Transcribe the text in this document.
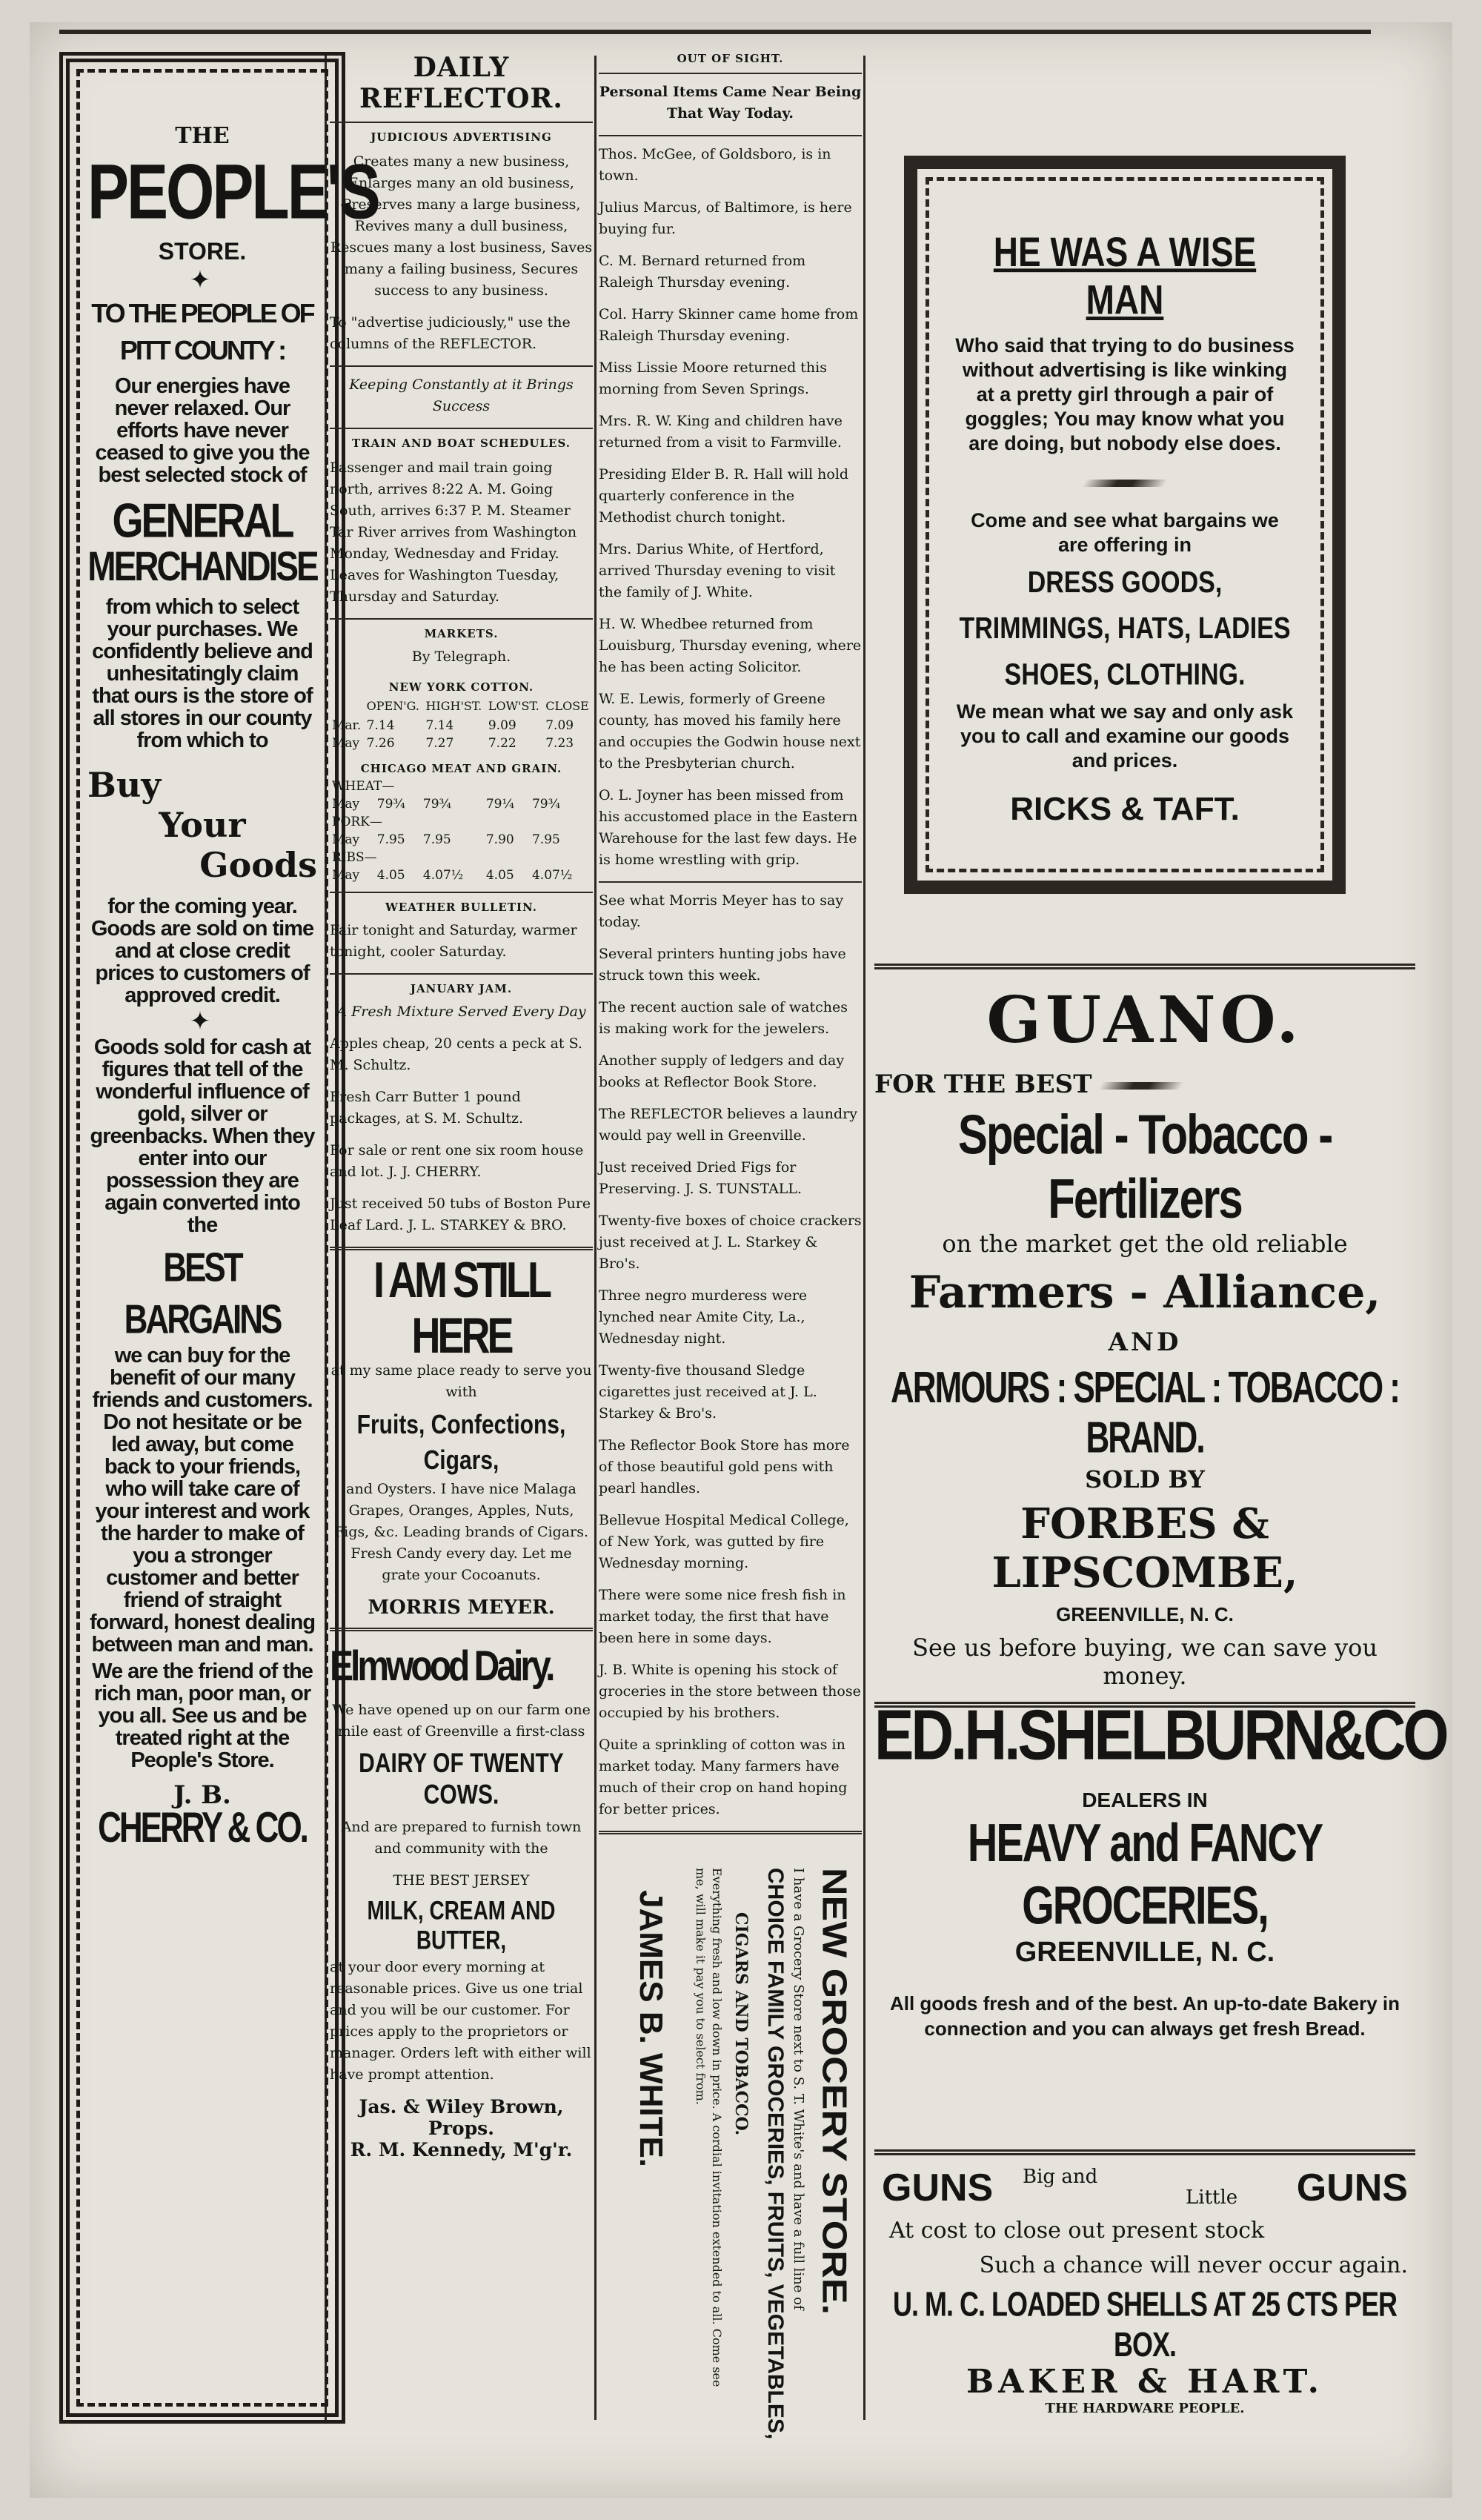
THE
PEOPLE'S
STORE.
✦
TO THE PEOPLE OF
PITT COUNTY :
Our energies have never relaxed. Our efforts have never ceased to give you the best selected stock of
GENERAL
MERCHANDISE
from which to select your purchases. We confidently believe and unhesitatingly claim that ours is the store of all stores in our county from which to
Buy
Your
Goods
for the coming year. Goods are sold on time and at close credit prices to customers of approved credit.
✦
Goods sold for cash at figures that tell of the wonderful influence of gold, silver or greenbacks. When they enter into our possession they are again converted into the
BEST BARGAINS
we can buy for the benefit of our many friends and customers. Do not hesitate or be led away, but come back to your friends, who will take care of your interest and work the harder to make of you a stronger customer and better friend of straight forward, honest dealing between man and man.
We are the friend of the rich man, poor man, or you all. See us and be treated right at the People's Store.
J. B.
CHERRY & CO.
DAILY REFLECTOR.
JUDICIOUS ADVERTISING

Creates many a new business, Enlarges many an old business, Preserves many a large business, Revives many a dull business, Rescues many a lost business, Saves many a failing business, Secures success to any business.

To "advertise judiciously," use the columns of the REFLECTOR.

Keeping Constantly at it Brings Success

TRAIN AND BOAT SCHEDULES.

Passenger and mail train going north, arrives 8:22 A. M. Going South, arrives 6:37 P. M. Steamer Tar River arrives from Washington Monday, Wednesday and Friday. Leaves for Washington Tuesday, Thursday and Saturday.

MARKETS.

By Telegraph.

NEW YORK COTTON.
	OPEN'G.	HIGH'ST.	LOW'ST.	CLOSE
Mar.	7.14	7.14	9.09	7.09
May	7.26	7.27	7.22	7.23
CHICAGO MEAT AND GRAIN.
WHEAT—				
May	79¾	79¾	79¼	79¾
PORK—				
May	7.95	7.95	7.90	7.95
RIBS—				
May	4.05	4.07½	4.05	4.07½
WEATHER BULLETIN.

Fair tonight and Saturday, warmer tonight, cooler Saturday.

JANUARY JAM.

A Fresh Mixture Served Every Day

Apples cheap, 20 cents a peck at S. M. Schultz.

Fresh Carr Butter 1 pound packages, at S. M. Schultz.

For sale or rent one six room house and lot. J. J. CHERRY.

Just received 50 tubs of Boston Pure Leaf Lard. J. L. STARKEY & BRO.

I AM STILL HERE

at my same place ready to serve you with

Fruits, Confections, Cigars,

and Oysters. I have nice Malaga Grapes, Oranges, Apples, Nuts, Figs, &c. Leading brands of Cigars. Fresh Candy every day. Let me grate your Cocoanuts.

MORRIS MEYER.
Elmwood Dairy.

We have opened up on our farm one mile east of Greenville a first-class

DAIRY OF TWENTY COWS.

And are prepared to furnish town and community with the

THE BEST JERSEY

MILK, CREAM AND BUTTER,

at your door every morning at reasonable prices. Give us one trial and you will be our customer. For prices apply to the proprietors or manager. Orders left with either will have prompt attention.

Jas. & Wiley Brown, Props.
R. M. Kennedy, M'g'r.
OUT OF SIGHT.

Personal Items Came Near Being That Way Today.

Thos. McGee, of Goldsboro, is in town.

Julius Marcus, of Baltimore, is here buying fur.

C. M. Bernard returned from Raleigh Thursday evening.

Col. Harry Skinner came home from Raleigh Thursday evening.

Miss Lissie Moore returned this morning from Seven Springs.

Mrs. R. W. King and children have returned from a visit to Farmville.

Presiding Elder B. R. Hall will hold quarterly conference in the Methodist church tonight.

Mrs. Darius White, of Hertford, arrived Thursday evening to visit the family of J. White.

H. W. Whedbee returned from Louisburg, Thursday evening, where he has been acting Solicitor.

W. E. Lewis, formerly of Greene county, has moved his family here and occupies the Godwin house next to the Presbyterian church.

O. L. Joyner has been missed from his accustomed place in the Eastern Warehouse for the last few days. He is home wrestling with grip.

See what Morris Meyer has to say today.

Several printers hunting jobs have struck town this week.

The recent auction sale of watches is making work for the jewelers.

Another supply of ledgers and day books at Reflector Book Store.

The REFLECTOR believes a laundry would pay well in Greenville.

Just received Dried Figs for Preserving. J. S. TUNSTALL.

Twenty-five boxes of choice crackers just received at J. L. Starkey & Bro's.

Three negro murderess were lynched near Amite City, La., Wednesday night.

Twenty-five thousand Sledge cigarettes just received at J. L. Starkey & Bro's.

The Reflector Book Store has more of those beautiful gold pens with pearl handles.

Bellevue Hospital Medical College, of New York, was gutted by fire Wednesday morning.

There were some nice fresh fish in market today, the first that have been here in some days.

J. B. White is opening his stock of groceries in the store between those occupied by his brothers.

Quite a sprinkling of cotton was in market today. Many farmers have much of their crop on hand hoping for better prices.

NEW GROCERY STORE.
I have a Grocery Store next to S. T. White's and have a full line of
CHOICE FAMILY GROCERIES, FRUITS, VEGETABLES,
CIGARS AND TOBACCO.
Everything fresh and low down in price. A cordial invitation extended to all. Come see me, will make it pay you to select from.
JAMES B. WHITE.
HE WAS A WISE MAN
Who said that trying to do business without advertising is like winking at a pretty girl through a pair of goggles; You may know what you are doing, but nobody else does.
Come and see what bargains we are offering in
DRESS GOODS, TRIMMINGS, HATS, LADIES SHOES, CLOTHING.
We mean what we say and only ask you to call and examine our goods and prices.
RICKS & TAFT.
GUANO.
FOR THE BEST
Special - Tobacco - Fertilizers
on the market get the old reliable
Farmers - Alliance,
AND
ARMOURS : SPECIAL : TOBACCO : BRAND.
SOLD BY
FORBES & LIPSCOMBE,
GREENVILLE, N. C.
See us before buying, we can save you money.
ED.H.SHELBURN&CO
DEALERS IN
HEAVY and FANCY GROCERIES,
GREENVILLE, N. C.
All goods fresh and of the best. An up-to-date Bakery in connection and you can always get fresh Bread.
GUNS Big and
Little GUNS
At cost to close out present stock
Such a chance will never occur again.
U. M. C. LOADED SHELLS AT 25 CTS PER BOX.
BAKER & HART.
THE HARDWARE PEOPLE.
